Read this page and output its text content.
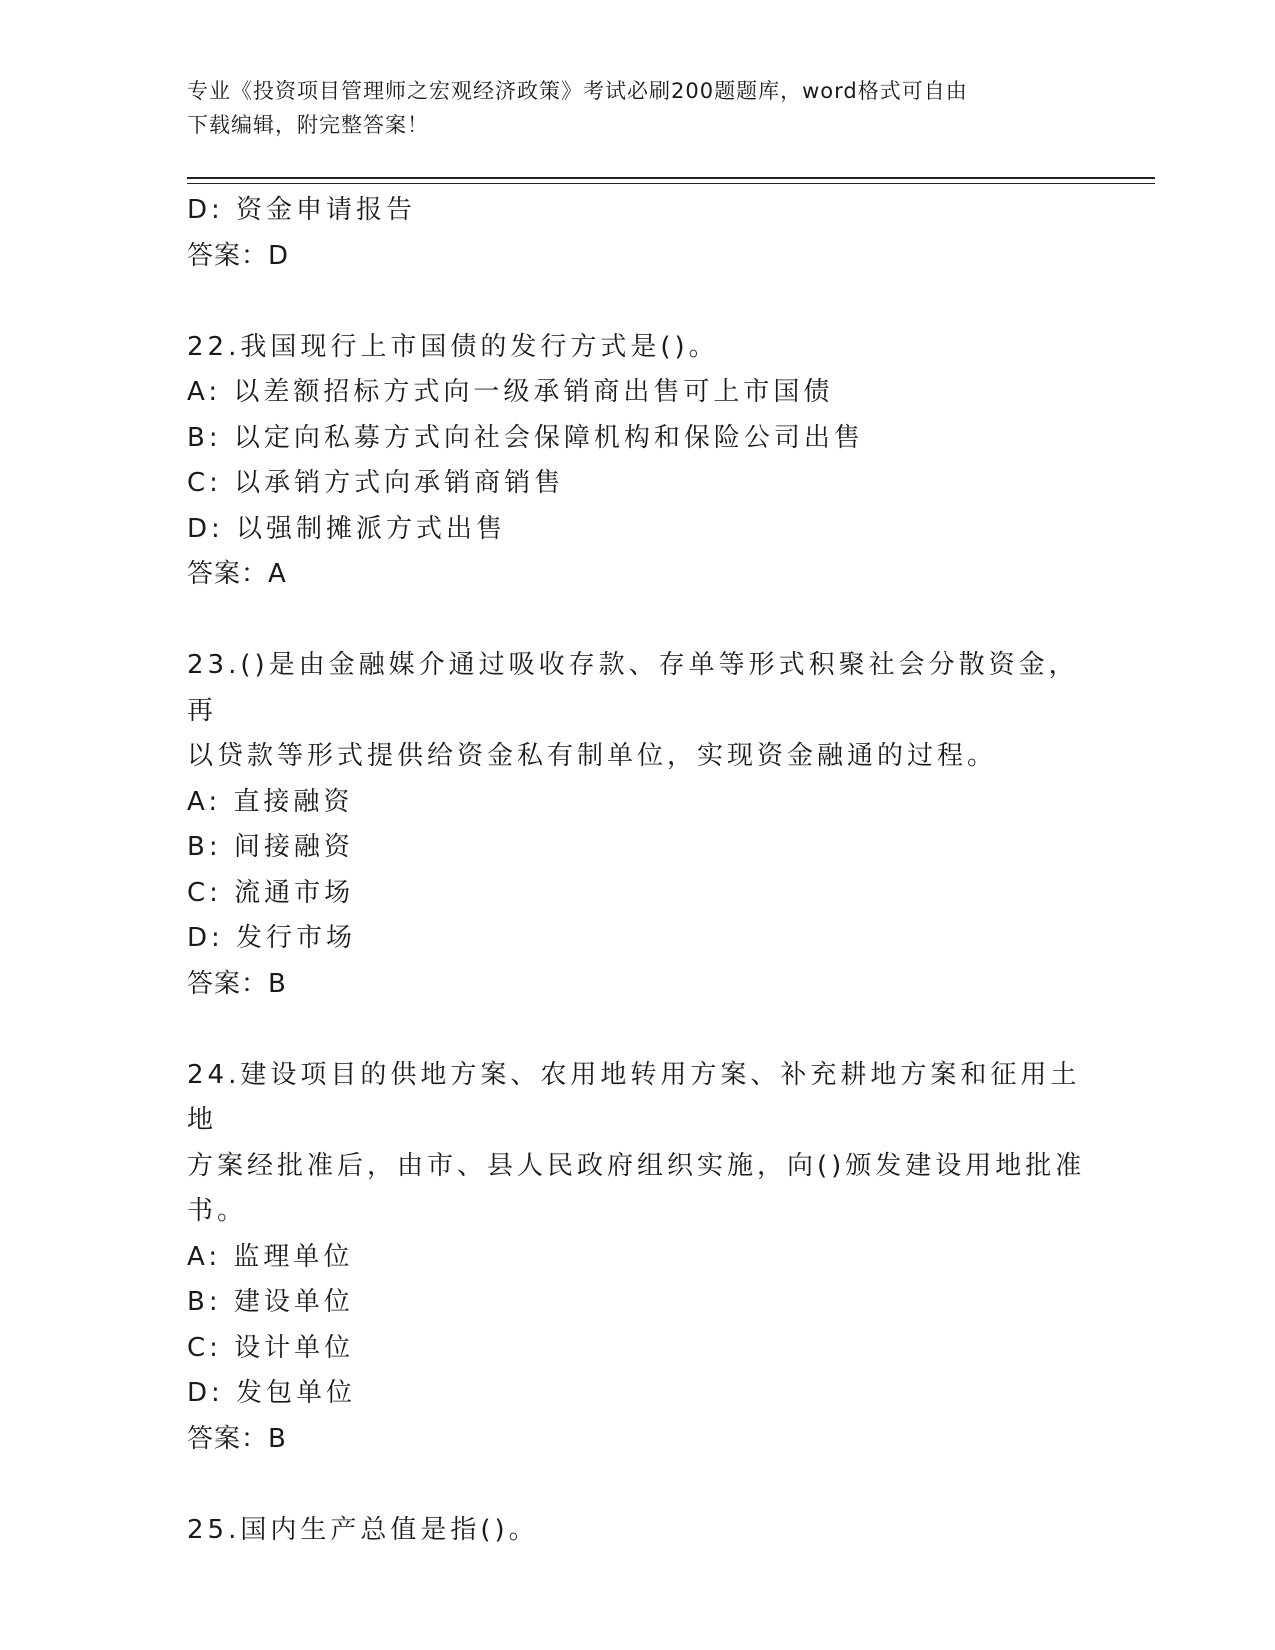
专业《投资项目管理师之宏观经济政策》考试必刷200题题库，word格式可自由
下载编辑，附完整答案！
D: 资金申请报告
答案：D
22.我国现行上市国债的发行方式是()。
A: 以差额招标方式向一级承销商出售可上市国债
B: 以定向私募方式向社会保障机构和保险公司出售
C: 以承销方式向承销商销售
D: 以强制摊派方式出售
答案：A
23.()是由金融媒介通过吸收存款、存单等形式积聚社会分散资金，再
以贷款等形式提供给资金私有制单位，实现资金融通的过程。
A: 直接融资
B: 间接融资
C: 流通市场
D: 发行市场
答案：B
24.建设项目的供地方案、农用地转用方案、补充耕地方案和征用土地
方案经批准后，由市、县人民政府组织实施，向()颁发建设用地批准
书。
A: 监理单位
B: 建设单位
C: 设计单位
D: 发包单位
答案：B
25.国内生产总值是指()。
